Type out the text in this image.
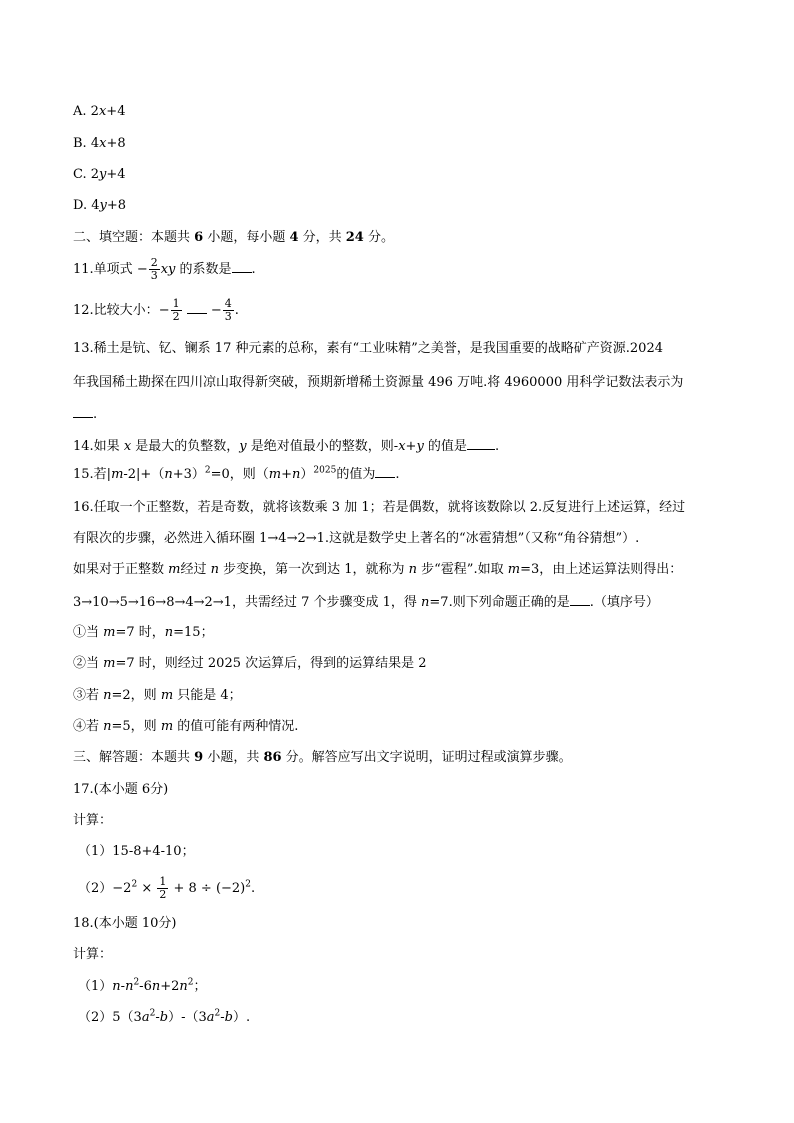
A. 2x+4
B. 4x+8
C. 2y+4
D. 4y+8
二、填空题：本题共 6 小题，每小题 4 分，共 24 分。
11.单项式 − $\frac{2}{3}$ xy 的系数是 .
12.比较大小：− $\frac{1}{2} - \frac{4}{3}$ .
13.稀土是钪、钇、镧系 17 种元素的总称，素有“工业味精”之美誉，是我国重要的战略矿产资源.2024
年我国稀土勘探在四川凉山取得新突破，预期新增稀土资源量 496 万吨.将 4960000 用科学记数法表示为
.
14.如果 x 是最大的负整数，y 是绝对值最小的整数，则-x+y 的值是 .
15.若$|m-2|+(n+3)^2=0$，则$(m+n)^{2025}$的值为 .
16.任取一个正整数，若是奇数，就将该数乘 3 加 1；若是偶数，就将该数除以 2.反复进行上述运算，经过
有限次的步骤，必然进入循环圈 1→4→2→1.这就是数学史上著名的“冰雹猜想”（又称“角谷猜想”）.
如果对于正整数 m经过 n 步变换，第一次到达 1，就称为 n 步“雹程”.如取 m=3，由上述运算法则得出：
3→10→5→16→8→4→2→1，共需经过 7 个步骤变成 1，得 n=7.则下列命题正确的是 .（填序号）
①当 m=7 时，n=15；
②当 m=7 时，则经过 2025 次运算后，得到的运算结果是 2
③若 n=2，则 m 只能是 4；
④若 n=5，则 m 的值可能有两种情况.
三、解答题：本题共 9 小题，共 86 分。解答应写出文字说明，证明过程或演算步骤。
17.(本小题 6分)
计算：
（1）15-8+4-10；
$(2)-2^2 \times \frac{1}{2} + 8 \div (-2)^2$.
18.(本小题 10分)
计算：
$(1)n-n^2-6n+2n^2$；
$(2)5(3a^2-b)-(3a^2-b)$.
